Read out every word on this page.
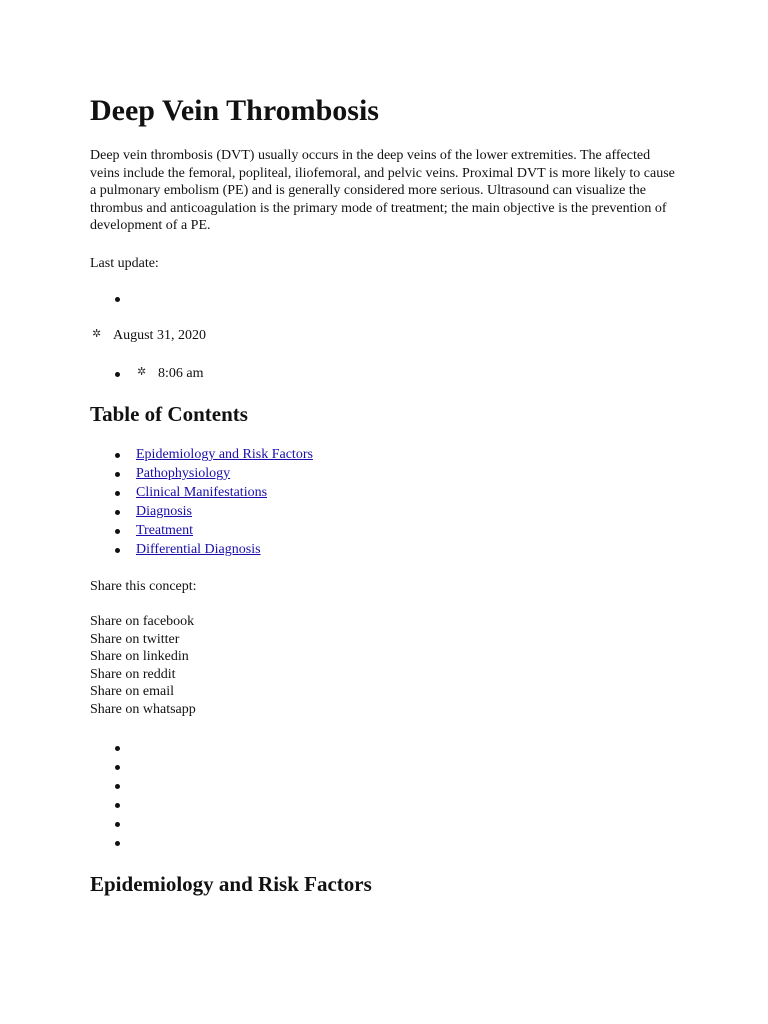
Deep Vein Thrombosis

Deep vein thrombosis (DVT) usually occurs in the deep veins of the lower extremities. The affected veins include the femoral, popliteal, iliofemoral, and pelvic veins. Proximal DVT is more likely to cause a pulmonary embolism (PE) and is generally considered more serious. Ultrasound can visualize the thrombus and anticoagulation is the primary mode of treatment; the main objective is the prevention of development of a PE.

Last update:

✲ August 31, 2020
✲ 8:06 am
Table of Contents
Epidemiology and Risk Factors
Pathophysiology
Clinical Manifestations
Diagnosis
Treatment
Differential Diagnosis

Share this concept:

Share on facebook
Share on twitter
Share on linkedin
Share on reddit
Share on email
Share on whatsapp
Epidemiology and Risk Factors
